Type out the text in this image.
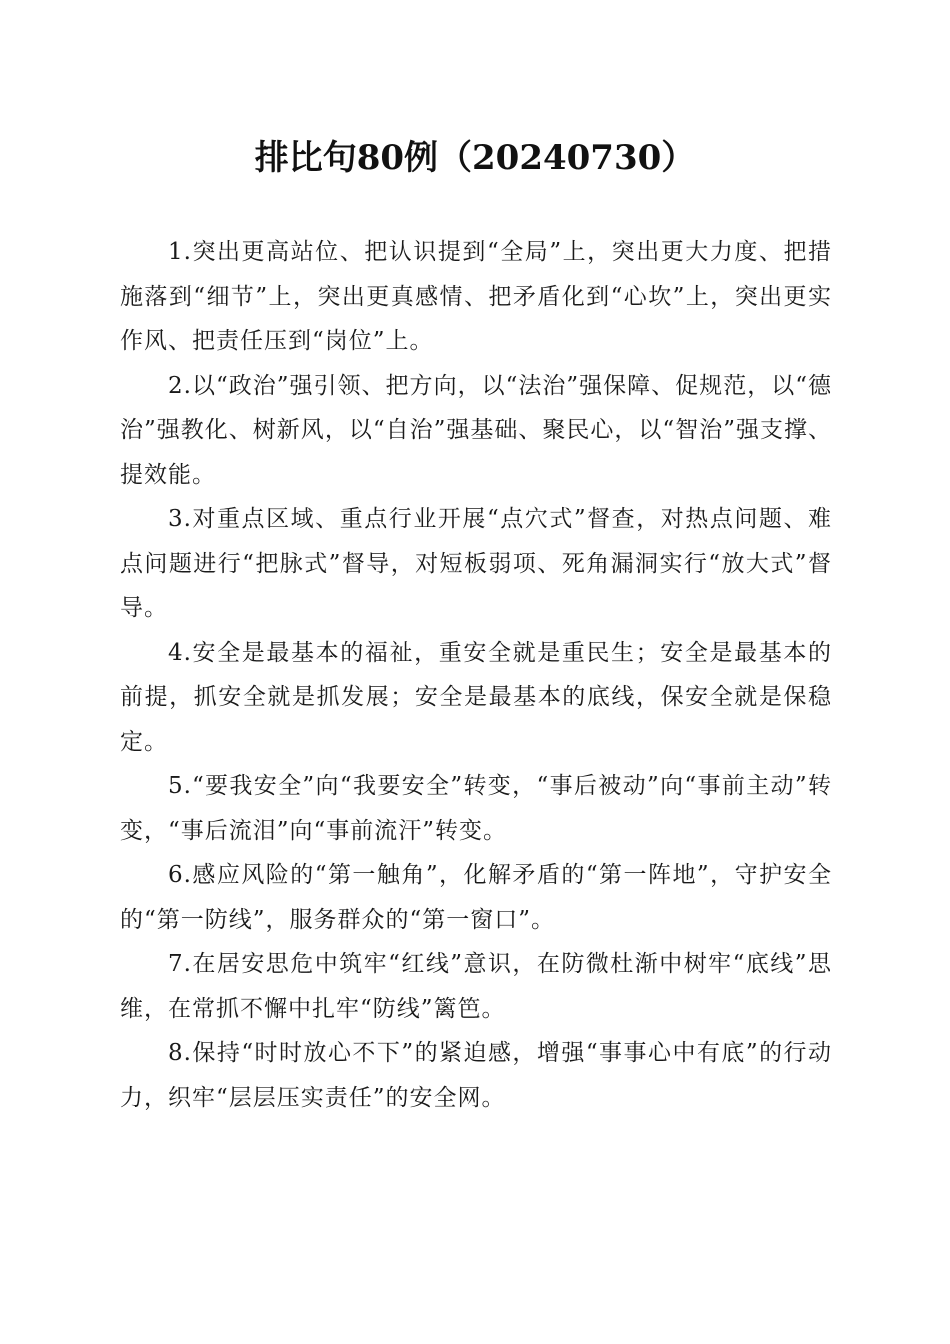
排比句80例（20240730）

1.突出更高站位、把认识提到“全局”上，突出更大力度、把措施落到“细节”上，突出更真感情、把矛盾化到“心坎”上，突出更实作风、把责任压到“岗位”上。

2.以“政治”强引领、把方向，以“法治”强保障、促规范，以“德治”强教化、树新风，以“自治”强基础、聚民心，以“智治”强支撑、提效能。

3.对重点区域、重点行业开展“点穴式”督查，对热点问题、难点问题进行“把脉式”督导，对短板弱项、死角漏洞实行“放大式”督导。

4.安全是最基本的福祉，重安全就是重民生；安全是最基本的前提，抓安全就是抓发展；安全是最基本的底线，保安全就是保稳定。

5.“要我安全”向“我要安全”转变，“事后被动”向“事前主动”转变，“事后流泪”向“事前流汗”转变。

6.感应风险的“第一触角”，化解矛盾的“第一阵地”，守护安全的“第一防线”，服务群众的“第一窗口”。

7.在居安思危中筑牢“红线”意识，在防微杜渐中树牢“底线”思维，在常抓不懈中扎牢“防线”篱笆。

8.保持“时时放心不下”的紧迫感，增强“事事心中有底”的行动力，织牢“层层压实责任”的安全网。
